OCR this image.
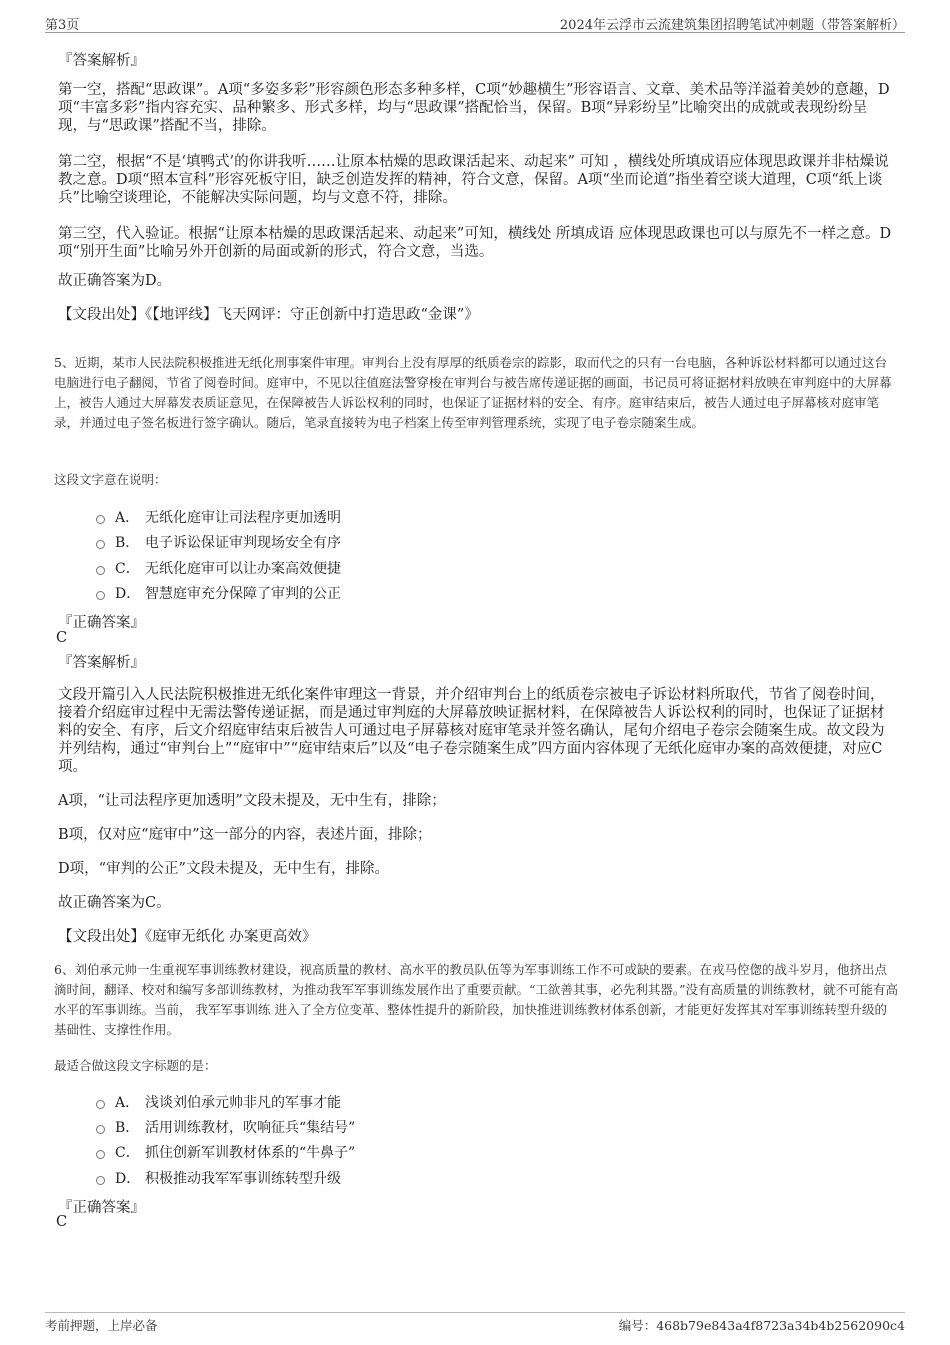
第3页	2024年云浮市云流建筑集团招聘笔试冲刺题（带答案解析）
『答案解析』
第一空，搭配“思政课”。A项“多姿多彩”形容颜色形态多种多样，C项“妙趣横生”形容语言、文章、美术品等洋溢着美妙的意趣，D项“丰富多彩”指内容充实、品种繁多、形式多样，均与“思政课”搭配恰当，保留。B项“异彩纷呈”比喻突出的成就或表现纷纷呈现，与“思政课”搭配不当，排除。
第二空，根据“不是‘填鸭式’的你讲我听……让原本枯燥的思政课活起来、动起来” 可知 ，横线处所填成语应体现思政课并非枯燥说教之意。D项“照本宣科”形容死板守旧，缺乏创造发挥的精神，符合文意，保留。A项“坐而论道”指坐着空谈大道理，C项“纸上谈兵”比喻空谈理论，不能解决实际问题，均与文意不符，排除。
第三空，代入验证。根据“让原本枯燥的思政课活起来、动起来”可知，横线处 所填成语 应体现思政课也可以与原先不一样之意。D项“别开生面”比喻另外开创新的局面或新的形式，符合文意，当选。
故正确答案为D。
【文段出处】《【地评线】飞天网评：守正创新中打造思政“金课”》
5、近期，某市人民法院积极推进无纸化刑事案件审理。审判台上没有厚厚的纸质卷宗的踪影，取而代之的只有一台电脑，各种诉讼材料都可以通过这台电脑进行电子翻阅，节省了阅卷时间。庭审中，不见以往值庭法警穿梭在审判台与被告席传递证据的画面，书记员可将证据材料放映在审判庭中的大屏幕上，被告人通过大屏幕发表质证意见，在保障被告人诉讼权利的同时，也保证了证据材料的安全、有序。庭审结束后，被告人通过电子屏幕核对庭审笔录，并通过电子签名板进行签字确认。随后，笔录直接转为电子档案上传至审判管理系统，实现了电子卷宗随案生成。
这段文字意在说明：
A． 无纸化庭审让司法程序更加透明
B． 电子诉讼保证审判现场安全有序
C． 无纸化庭审可以让办案高效便捷
D． 智慧庭审充分保障了审判的公正
『正确答案』
C
『答案解析』
文段开篇引入人民法院积极推进无纸化案件审理这一背景，并介绍审判台上的纸质卷宗被电子诉讼材料所取代，节省了阅卷时间，接着介绍庭审过程中无需法警传递证据，而是通过审判庭的大屏幕放映证据材料，在保障被告人诉讼权利的同时，也保证了证据材料的安全、有序，后文介绍庭审结束后被告人可通过电子屏幕核对庭审笔录并签名确认，尾句介绍电子卷宗会随案生成。故文段为并列结构，通过“审判台上”“庭审中”“庭审结束后”以及“电子卷宗随案生成”四方面内容体现了无纸化庭审办案的高效便捷，对应C项。
A项，“让司法程序更加透明”文段未提及，无中生有，排除；
B项，仅对应“庭审中”这一部分的内容，表述片面，排除；
D项，“审判的公正”文段未提及，无中生有，排除。
故正确答案为C。
【文段出处】《庭审无纸化 办案更高效》
6、刘伯承元帅一生重视军事训练教材建设，视高质量的教材、高水平的教员队伍等为军事训练工作不可或缺的要素。在戎马倥偬的战斗岁月，他挤出点滴时间，翻译、校对和编写多部训练教材，为推动我军军事训练发展作出了重要贡献。“工欲善其事，必先利其器。”没有高质量的训练教材，就不可能有高水平的军事训练。当前， 我军军事训练 进入了全方位变革、整体性提升的新阶段，加快推进训练教材体系创新，才能更好发挥其对军事训练转型升级的基础性、支撑性作用。
最适合做这段文字标题的是：
A． 浅谈刘伯承元帅非凡的军事才能
B． 活用训练教材，吹响征兵“集结号”
C． 抓住创新军训教材体系的“牛鼻子”
D． 积极推动我军军事训练转型升级
『正确答案』
C
考前押题，上岸必备	编号：468b79e843a4f8723a34b4b2562090c4
